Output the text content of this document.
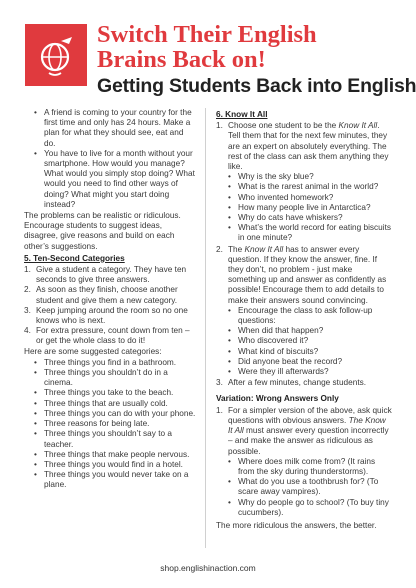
Switch Their English
Brains Back on!
Getting Students Back into English
• A friend is coming to your country for the first time and only has 24 hours. Make a plan for what they should see, eat and do.
• You have to live for a month without your smartphone. How would you manage? What would you simply stop doing? What would you need to find other ways of doing? What might you start doing instead?

The problems can be realistic or ridiculous. Encourage students to suggest ideas, disagree, give reasons and build on each other’s suggestions.

5. Ten-Second Categories

1. Give a student a category. They have ten seconds to give three answers.
2. As soon as they finish, choose another student and give them a new category.
3. Keep jumping around the room so no one knows who is next.
4. For extra pressure, count down from ten – or get the whole class to do it!

Here are some suggested categories:

• Three things you find in a bathroom.
• Three things you shouldn’t do in a cinema.
• Three things you take to the beach.
• Three things that are usually cold.
• Three things you can do with your phone.
• Three reasons for being late.
• Three things you shouldn’t say to a teacher.
• Three things that make people nervous.
• Three things you would find in a hotel.
• Three things you would never take on a plane.

6. Know It All

1. Choose one student to be the Know It All. Tell them that for the next few minutes, they are an expert on absolutely everything. The rest of the class can ask them anything they like.
• Why is the sky blue?
• What is the rarest animal in the world?
• Who invented homework?
• How many people live in Antarctica?
• Why do cats have whiskers?
• What’s the world record for eating biscuits in one minute?
2. The Know It All has to answer every question. If they know the answer, fine. If they don’t, no problem - just make something up and answer as confidently as possible! Encourage them to add details to make their answers sound convincing.
• Encourage the class to ask follow-up questions:
• When did that happen?
• Who discovered it?
• What kind of biscuits?
• Did anyone beat the record?
• Were they ill afterwards?
3. After a few minutes, change students.

Variation: Wrong Answers Only

1. For a simpler version of the above, ask quick questions with obvious answers. The Know It All must answer every question incorrectly – and make the answer as ridiculous as possible.
• Where does milk come from? (It rains from the sky during thunderstorms).
• What do you use a toothbrush for? (To scare away vampires).
• Why do people go to school? (To buy tiny cucumbers).

The more ridiculous the answers, the better.

shop.englishinaction.com
